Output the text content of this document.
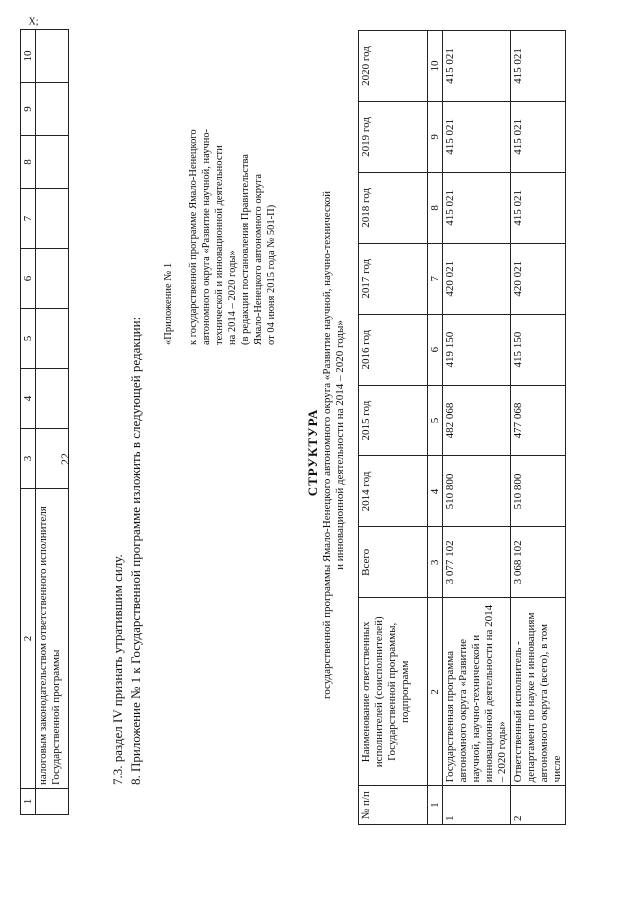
1	2	3	4	5	6	7	8	9	10
	налоговым законодательством ответственного исполнителя Государственной программы								
X;
22
7.3. раздел IV признать утратившим силу. 8. Приложение № 1 к Государственной программе изложить в следующей редакции:
«Приложение № 1 к государственной программе Ямало-Ненецкого автономного округа «Развитие научной, научно- технической и инновационной деятельности на 2014 – 2020 годы» (в редакции постановления Правительства Ямало-Ненецкого автономного округа от 04 июня 2015 года № 501-П)
СТРУКТУРА государственной программы Ямало-Ненецкого автономного округа «Развитие научной, научно-технической и инновационной деятельности на 2014 – 2020 годы»
№ п/п	Наименование ответственных исполнителей (соисполнителей) Государственной программы, подпрограмм	Всего	2014 год	2015 год	2016 год	2017 год	2018 год	2019 год	2020 год
1	2	3	4	5	6	7	8	9	10
1	Государственная программа автономного округа «Развитие научной, научно-технической и инновационной деятельности на 2014 – 2020 годы»	3 077 102	510 800	482 068	419 150	420 021	415 021	415 021	415 021
2	Ответственный исполнитель - департамент по науке и инновациям автономного округа (всего), в том числе	3 068 102	510 800	477 068	415 150	420 021	415 021	415 021	415 021
